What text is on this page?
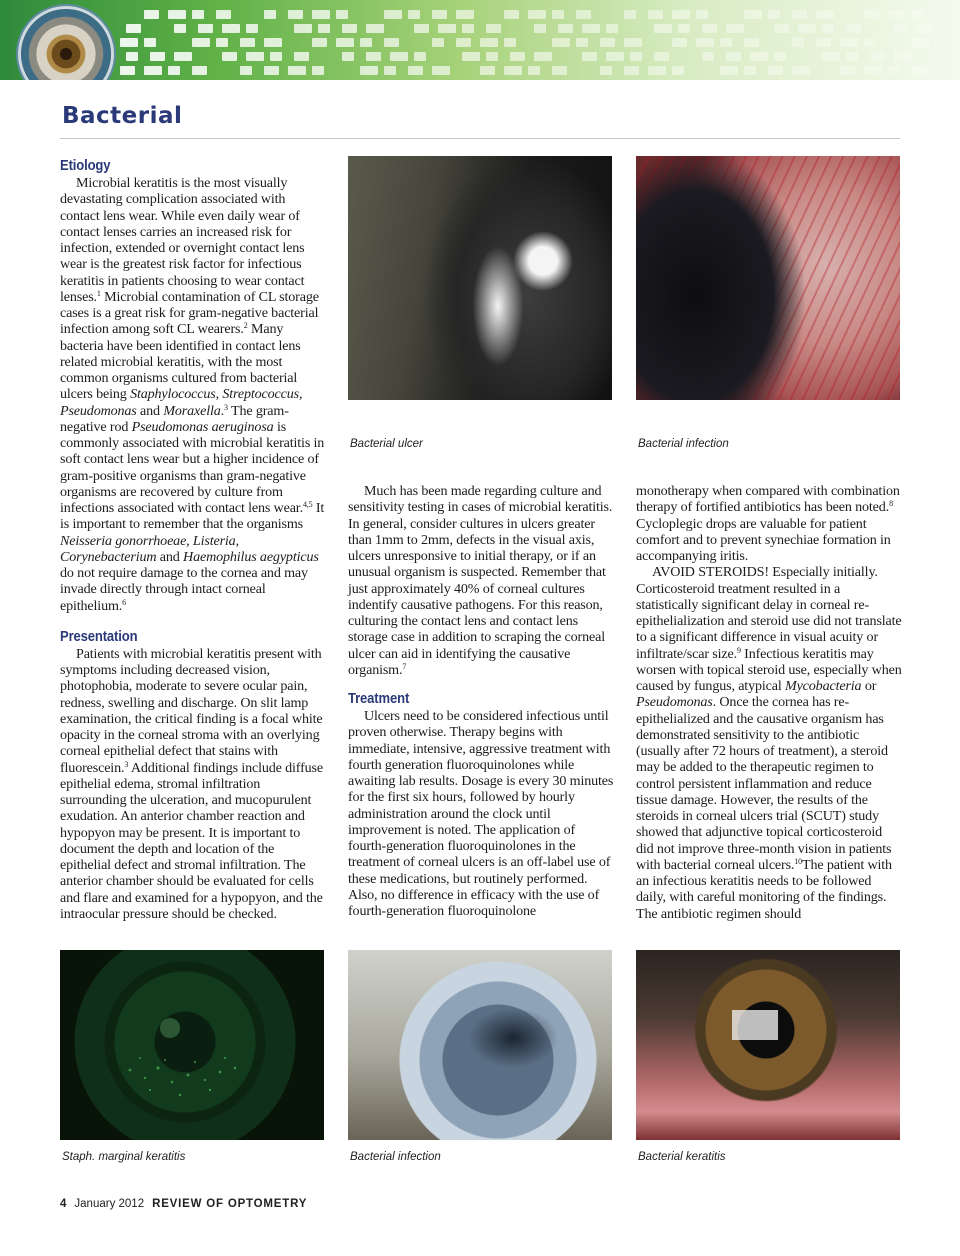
Bacterial
Etiology

Microbial keratitis is the most visually devastating complication associated with contact lens wear. While even daily wear of contact lenses carries an increased risk for infection, extended or overnight contact lens wear is the greatest risk factor for infectious keratitis in patients choosing to wear contact lenses.$^1$ Microbial contamination of CL storage cases is a great risk for gram-negative bacterial infection among soft CL wearers.$^2$ Many bacteria have been identified in contact lens related microbial keratitis, with the most common organisms cultured from bacterial ulcers being Staphylococcus, Streptococcus, Pseudomonas and Moraxella.$^3$ The gram-negative rod Pseudomonas aeruginosa is commonly associated with microbial keratitis in soft contact lens wear but a higher incidence of gram-positive organisms than gram-negative organisms are recovered by culture from infections associated with contact lens wear.$^{4,5}$ It is important to remember that the organisms Neisseria gonorrhoeae, Listeria, Corynebacterium and Haemophilus aegypticus do not require damage to the cornea and may invade directly through intact corneal epithelium.$^6$

Presentation

Patients with microbial keratitis present with symptoms including decreased vision, photophobia, moderate to severe ocular pain, redness, swelling and discharge. On slit lamp examination, the critical finding is a focal white opacity in the corneal stroma with an overlying corneal epithelial defect that stains with fluorescein.$^3$ Additional findings include diffuse epithelial edema, stromal infiltration surrounding the ulceration, and mucopurulent exudation. An anterior chamber reaction and hypopyon may be present. It is important to document the depth and location of the epithelial defect and stromal infiltration. The anterior chamber should be evaluated for cells and flare and examined for a hypopyon, and the intraocular pressure should be checked.

Bacterial ulcer	Bacterial infection

Much has been made regarding culture and sensitivity testing in cases of microbial keratitis. In general, consider cultures in ulcers greater than 1mm to 2mm, defects in the visual axis, ulcers unresponsive to initial therapy, or if an unusual organism is suspected. Remember that just approximately 40% of corneal cultures indentify causative pathogens. For this reason, culturing the contact lens and contact lens storage case in addition to scraping the corneal ulcer can aid in identifying the causative organism.$^7$

Treatment

Ulcers need to be considered infectious until proven otherwise. Therapy begins with immediate, intensive, aggressive treatment with fourth generation fluoroquinolones while awaiting lab results. Dosage is every 30 minutes for the first six hours, followed by hourly administration around the clock until improvement is noted. The application of fourth-generation fluoroquinolones in the treatment of corneal ulcers is an off-label use of these medications, but routinely performed. Also, no difference in efficacy with the use of fourth-generation fluoroquinolone

monotherapy when compared with combination therapy of fortified antibiotics has been noted.$^8$ Cycloplegic drops are valuable for patient comfort and to prevent synechiae formation in accompanying iritis.

AVOID STEROIDS! Especially initially. Corticosteroid treatment resulted in a statistically significant delay in corneal re-epithelialization and steroid use did not translate to a significant difference in visual acuity or infiltrate/scar size.$^9$ Infectious keratitis may worsen with topical steroid use, especially when caused by fungus, atypical Mycobacteria or Pseudomonas. Once the cornea has re- epithelialized and the causative organism has demonstrated sensitivity to the antibiotic (usually after 72 hours of treatment), a steroid may be added to the therapeutic regimen to control persistent inflammation and reduce tissue damage. However, the results of the steroids in corneal ulcers trial (SCUT) study showed that adjunctive topical corticosteroid did not improve three-month vision in patients with bacterial corneal ulcers.$^{10}$The patient with an infectious keratitis needs to be followed daily, with careful monitoring of the findings. The antibiotic regimen should

Staph. marginal keratitis	Bacterial infection	Bacterial keratitis
4 January 2012 REVIEW OF OPTOMETRY
